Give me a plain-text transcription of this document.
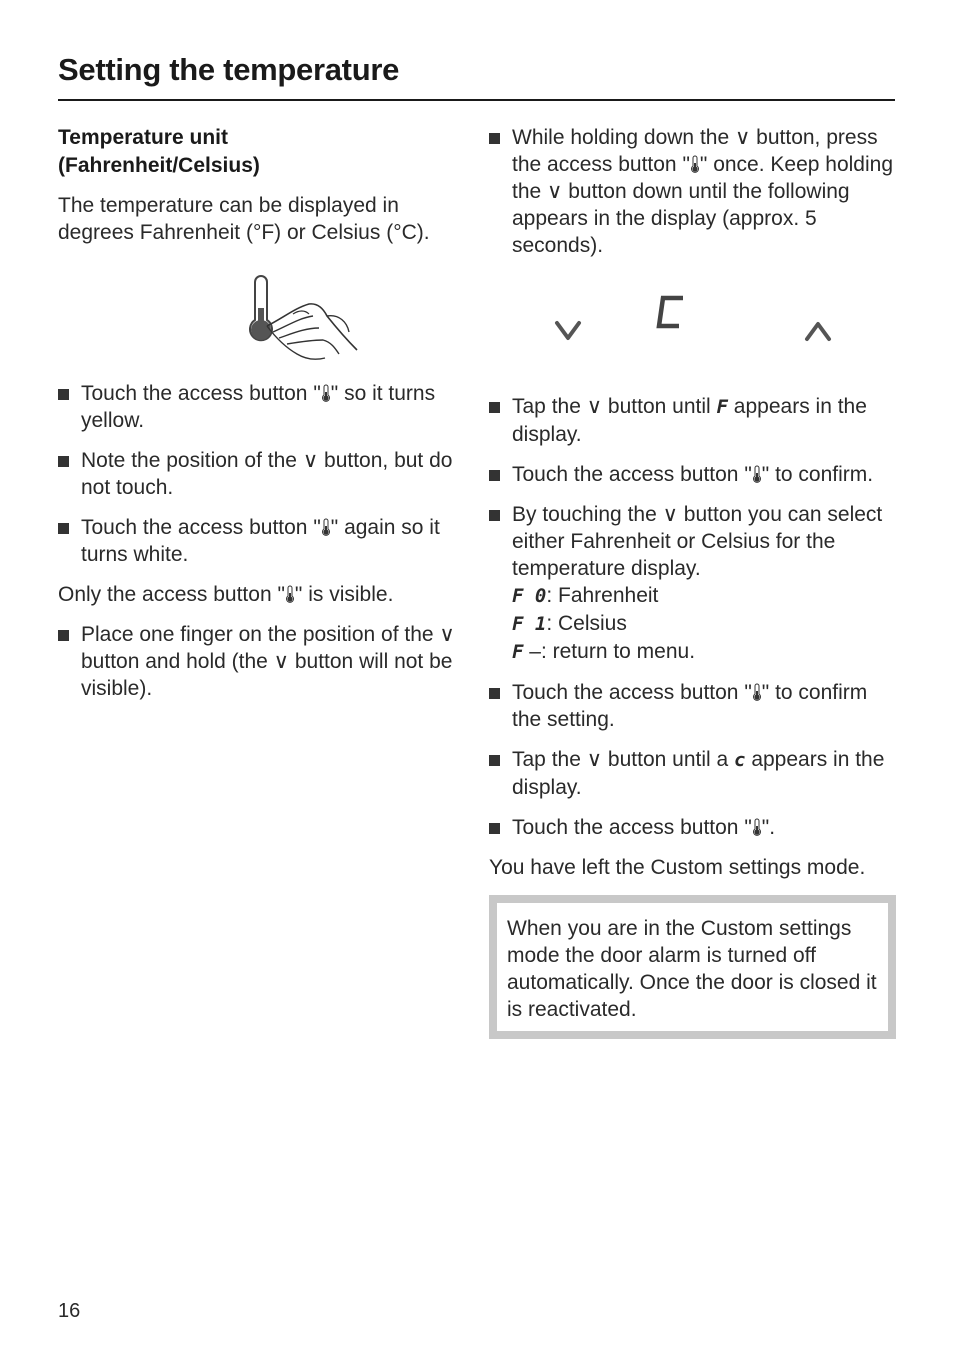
Setting the temperature
Temperature unit
(Fahrenheit/Celsius)

The temperature can be displayed in degrees Fahrenheit (°F) or Celsius (°C).

Touch the access button " " so it turns yellow.
Note the position of the ∨ button, but do not touch.
Touch the access button " " again so it turns white.

Only the access button " " is visible.

Place one finger on the position of the ∨ button and hold (the ∨ button will not be visible).
While holding down the ∨ button, press the access button " " once. Keep holding the ∨ button down until the following appears in the display (approx. 5 seconds).
Tap the ∨ button until F appears in the display.
Touch the access button " " to confirm.
By touching the ∨ button you can select either Fahrenheit or Celsius for the temperature display.
F 0: Fahrenheit
F 1: Celsius
F –: return to menu.
Touch the access button " " to confirm the setting.
Tap the ∨ button until a c appears in the display.
Touch the access button " ".

You have left the Custom settings mode.

When you are in the Custom settings mode the door alarm is turned off automatically. Once the door is closed it is reactivated.
16
